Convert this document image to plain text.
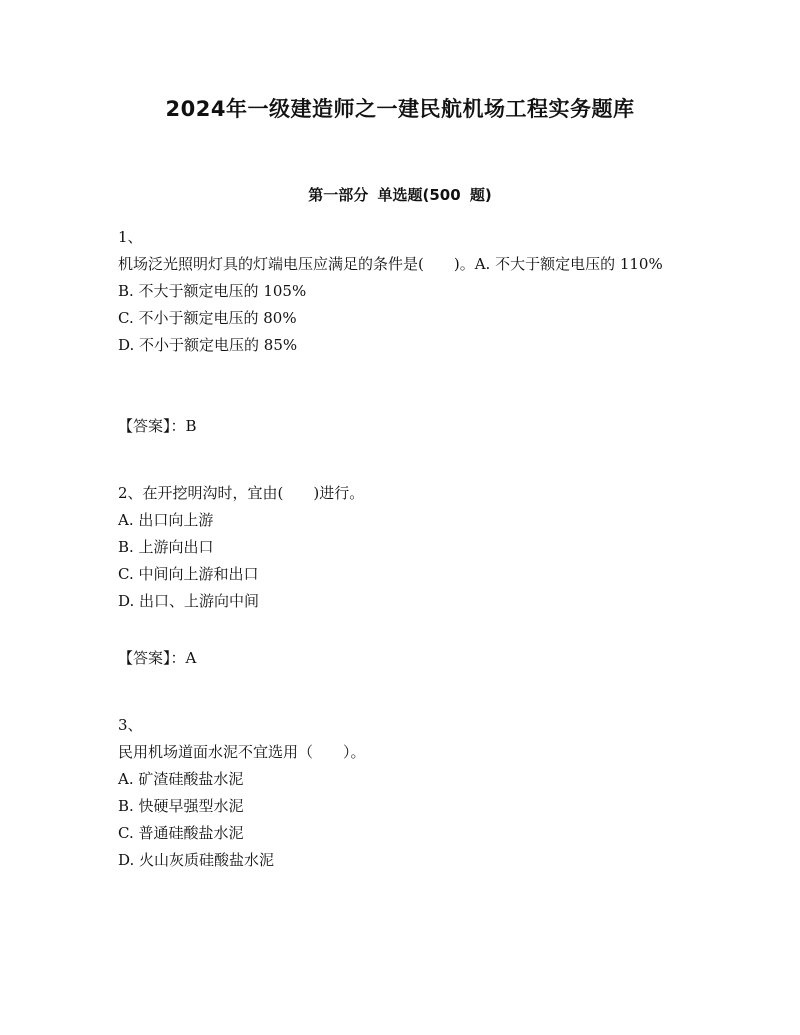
2024年一级建造师之一建民航机场工程实务题库
第一部分 单选题(500 题)
1、
机场泛光照明灯具的灯端电压应满足的条件是(　　)。A. 不大于额定电压的 110%
B. 不大于额定电压的 105%
C. 不小于额定电压的 80%
D. 不小于额定电压的 85%
【答案】：B
2、在开挖明沟时，宜由(　　)进行。
A. 出口向上游
B. 上游向出口
C. 中间向上游和出口
D. 出口、上游向中间
【答案】：A
3、
民用机场道面水泥不宜选用（　　）。
A. 矿渣硅酸盐水泥
B. 快硬早强型水泥
C. 普通硅酸盐水泥
D. 火山灰质硅酸盐水泥
